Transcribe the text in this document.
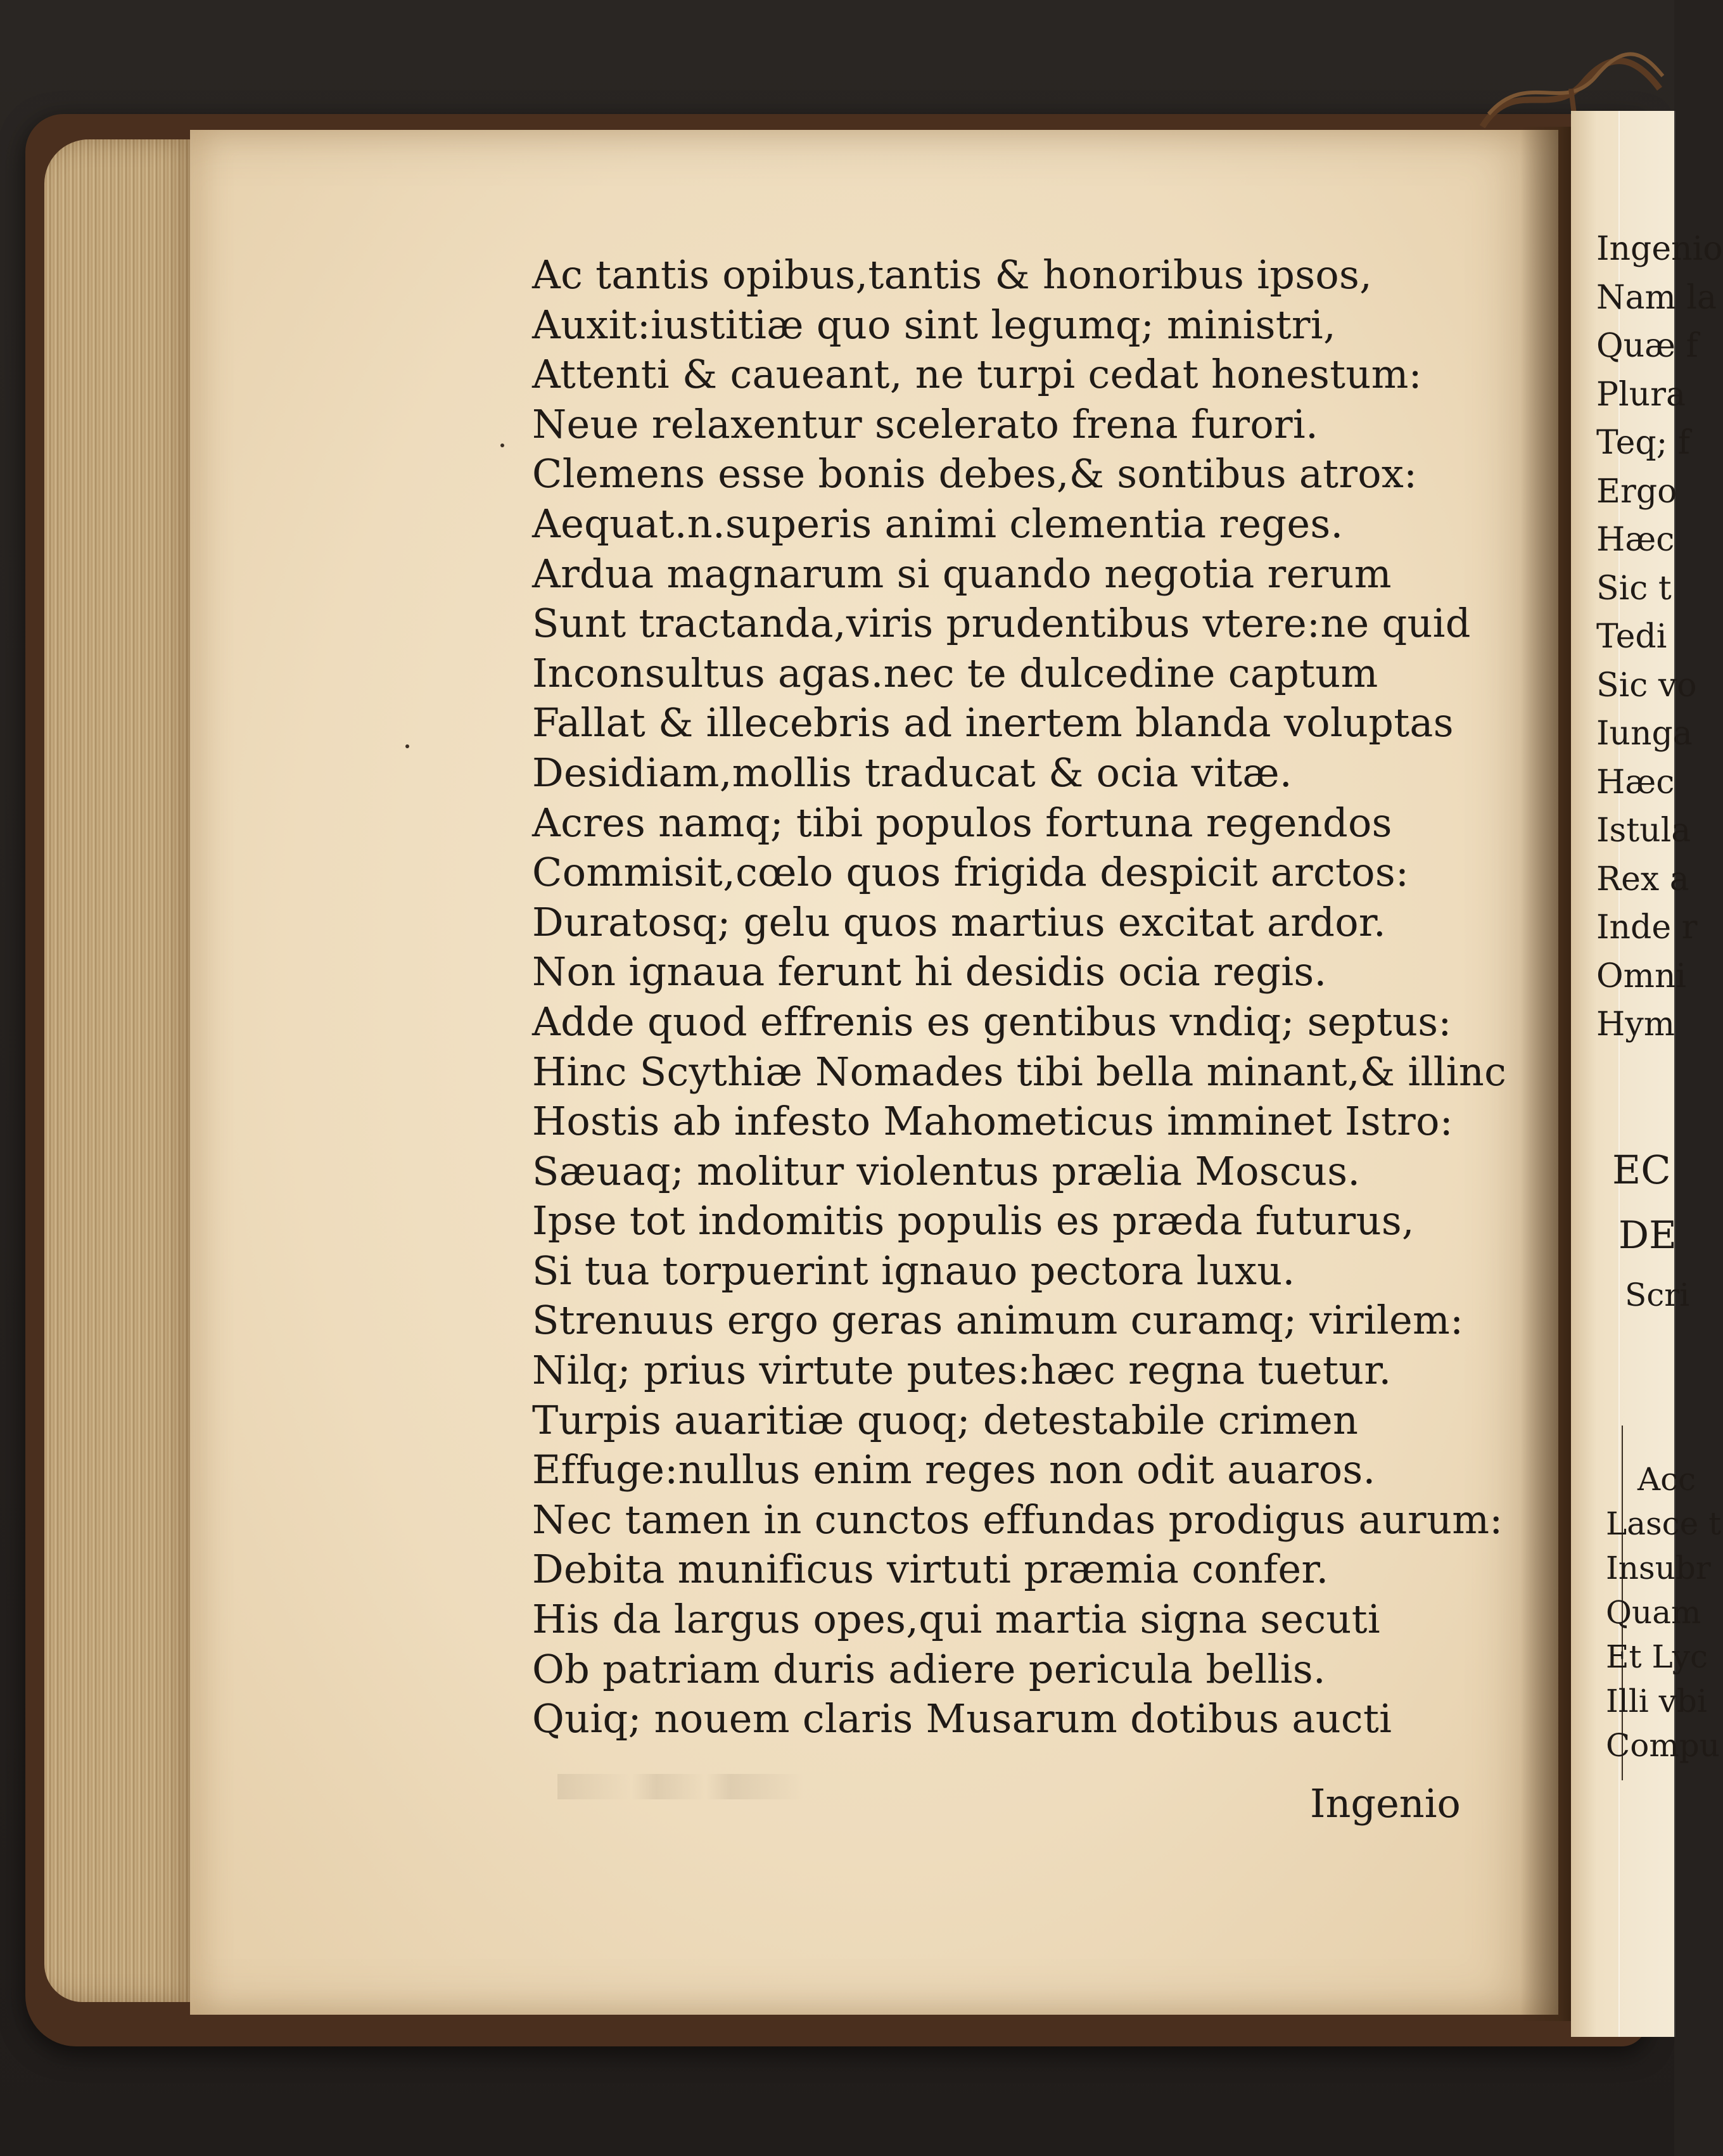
Ac tantis opibus,tantis & honoribus ipsos,
Auxit:iustitiæ quo sint legumq; ministri,
Attenti & caueant, ne turpi cedat honestum:
Neue relaxentur scelerato frena furori.
Clemens esse bonis debes,& sontibus atrox:
Aequat.n.superis animi clementia reges.
Ardua magnarum si quando negotia rerum
Sunt tractanda,viris prudentibus vtere:ne quid
Inconsultus agas.nec te dulcedine captum
Fallat & illecebris ad inertem blanda voluptas
Desidiam,mollis traducat & ocia vitæ.
Acres namq; tibi populos fortuna regendos
Commisit,cœlo quos frigida despicit arctos:
Duratosq; gelu quos martius excitat ardor.
Non ignaua ferunt hi desidis ocia regis.
Adde quod effrenis es gentibus vndiq; septus:
Hinc Scythiæ Nomades tibi bella minant,& illinc
Hostis ab infesto Mahometicus imminet Istro:
Sæuaq; molitur violentus prælia Moscus.
Ipse tot indomitis populis es præda futurus,
Si tua torpuerint ignauo pectora luxu.
Strenuus ergo geras animum curamq; virilem:
Nilq; prius virtute putes:hæc regna tuetur.
Turpis auaritiæ quoq; detestabile crimen
Effuge:nullus enim reges non odit auaros.
Nec tamen in cunctos effundas prodigus aurum:
Debita munificus virtuti præmia confer.
His da largus opes,qui martia signa secuti
Ob patriam duris adiere pericula bellis.
Quiq; nouem claris Musarum dotibus aucti
Ingenio
Ingenio
Nam la
Quæ f
Plura
Teq; f
Ergo
Hæc
Sic t
Tedi
Sic vo
Iunga
Hæc
Istula
Rex a
Inde r
Omni
Hym
EC
DE
Scri
Acc
Lasce t
Insubr
Quam
Et Lyc
Illi vbi
Compu
